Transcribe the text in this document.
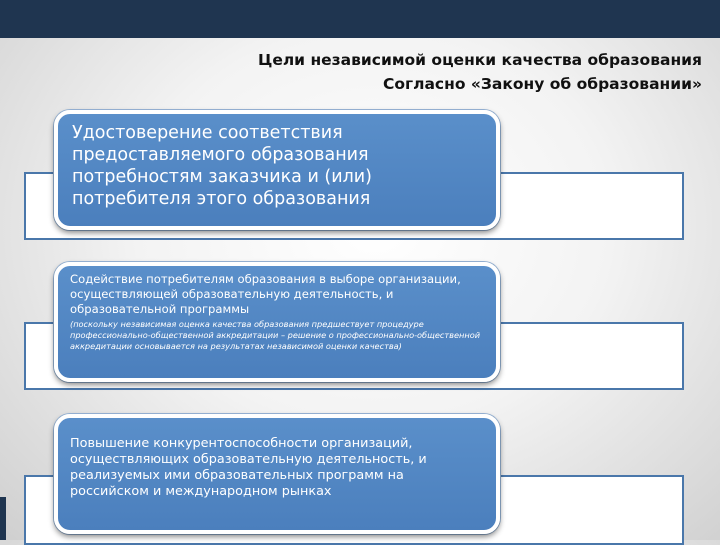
Цели независимой оценки качества образования
Согласно «Закону об образовании»
Удостоверение соответствия предоставляемого образования потребностям заказчика и (или) потребителя этого образования
Содействие потребителям образования в выборе организации, осуществляющей образовательную деятельность, и образовательной программы
(поскольку независимая оценка качества образования предшествует процедуре профессионально-общественной аккредитации – решение о профессионально-общественной аккредитации основывается на результатах независимой оценки качества)
Повышение конкурентоспособности организаций, осуществляющих образовательную деятельность, и реализуемых ими образовательных программ на российском и международном рынках
